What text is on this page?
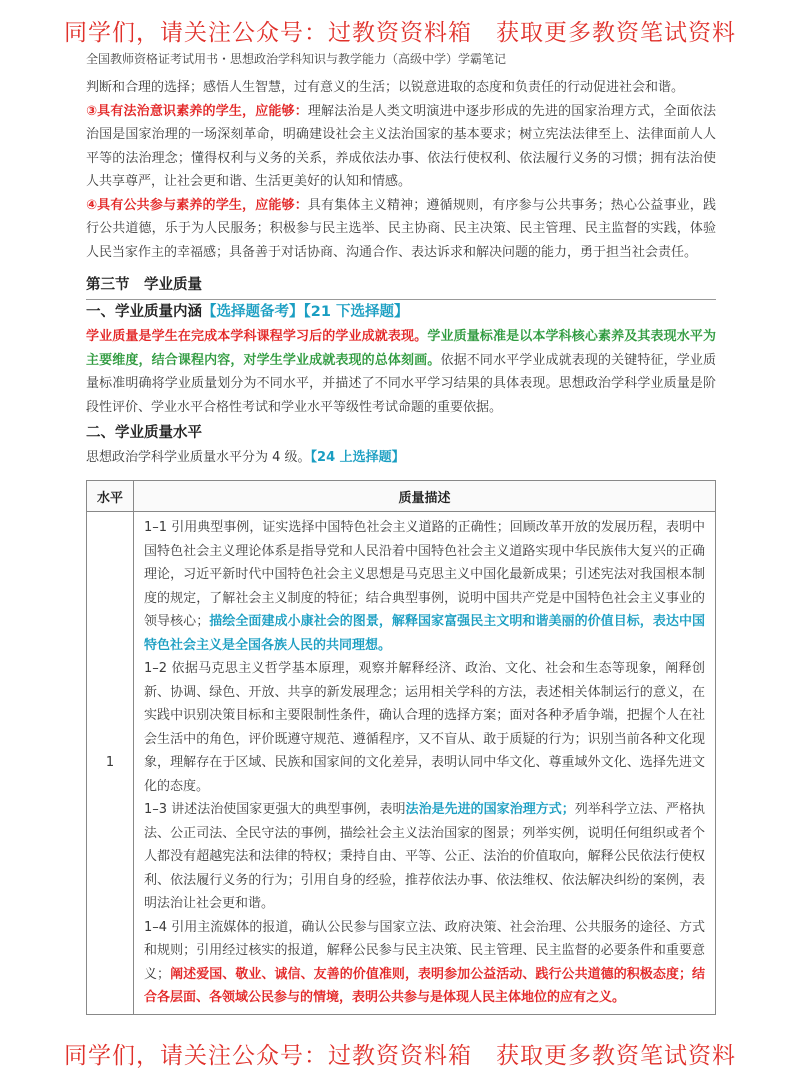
同学们，请关注公众号：过教资资料箱　获取更多教资笔试资料
全国教师资格证考试用书・思想政治学科知识与教学能力（高级中学）学霸笔记

判断和合理的选择；感悟人生智慧，过有意义的生活；以锐意进取的态度和负责任的行动促进社会和谐。

③具有法治意识素养的学生，应能够：理解法治是人类文明演进中逐步形成的先进的国家治理方式，全面依法治国是国家治理的一场深刻革命，明确建设社会主义法治国家的基本要求；树立宪法法律至上、法律面前人人平等的法治理念；懂得权利与义务的关系，养成依法办事、依法行使权利、依法履行义务的习惯；拥有法治使人共享尊严，让社会更和谐、生活更美好的认知和情感。

④具有公共参与素养的学生，应能够：具有集体主义精神；遵循规则，有序参与公共事务；热心公益事业，践行公共道德，乐于为人民服务；积极参与民主选举、民主协商、民主决策、民主管理、民主监督的实践，体验人民当家作主的幸福感；具备善于对话协商、沟通合作、表达诉求和解决问题的能力，勇于担当社会责任。

第三节　学业质量
一、学业质量内涵【选择题备考】【21 下选择题】

学业质量是学生在完成本学科课程学习后的学业成就表现。学业质量标准是以本学科核心素养及其表现水平为主要维度，结合课程内容，对学生学业成就表现的总体刻画。依据不同水平学业成就表现的关键特征，学业质量标准明确将学业质量划分为不同水平，并描述了不同水平学习结果的具体表现。思想政治学科学业质量是阶段性评价、学业水平合格性考试和学业水平等级性考试命题的重要依据。

二、学业质量水平

思想政治学科学业质量水平分为 4 级。【24 上选择题】

水平	质量描述
1	1–1 引用典型事例，证实选择中国特色社会主义道路的正确性；回顾改革开放的发展历程，表明中国特色社会主义理论体系是指导党和人民沿着中国特色社会主义道路实现中华民族伟大复兴的正确理论，习近平新时代中国特色社会主义思想是马克思主义中国化最新成果；引述宪法对我国根本制度的规定，了解社会主义制度的特征；结合典型事例，说明中国共产党是中国特色社会主义事业的领导核心；描绘全面建成小康社会的图景，解释国家富强民主文明和谐美丽的价值目标，表达中国特色社会主义是全国各族人民的共同理想。

1–2 依据马克思主义哲学基本原理，观察并解释经济、政治、文化、社会和生态等现象，阐释创新、协调、绿色、开放、共享的新发展理念；运用相关学科的方法，表述相关体制运行的意义，在实践中识别决策目标和主要限制性条件，确认合理的选择方案；面对各种矛盾争端，把握个人在社会生活中的角色，评价既遵守规范、遵循程序，又不盲从、敢于质疑的行为；识别当前各种文化现象，理解存在于区域、民族和国家间的文化差异，表明认同中华文化、尊重域外文化、选择先进文化的态度。

1–3 讲述法治使国家更强大的典型事例，表明法治是先进的国家治理方式；列举科学立法、严格执法、公正司法、全民守法的事例，描绘社会主义法治国家的图景；列举实例，说明任何组织或者个人都没有超越宪法和法律的特权；秉持自由、平等、公正、法治的价值取向，解释公民依法行使权利、依法履行义务的行为；引用自身的经验，推荐依法办事、依法维权、依法解决纠纷的案例，表明法治让社会更和谐。

1–4 引用主流媒体的报道，确认公民参与国家立法、政府决策、社会治理、公共服务的途径、方式和规则；引用经过核实的报道，解释公民参与民主决策、民主管理、民主监督的必要条件和重要意义；阐述爱国、敬业、诚信、友善的价值准则，表明参加公益活动、践行公共道德的积极态度；结合各层面、各领域公民参与的情境，表明公共参与是体现人民主体地位的应有之义。

同学们，请关注公众号：过教资资料箱　获取更多教资笔试资料
